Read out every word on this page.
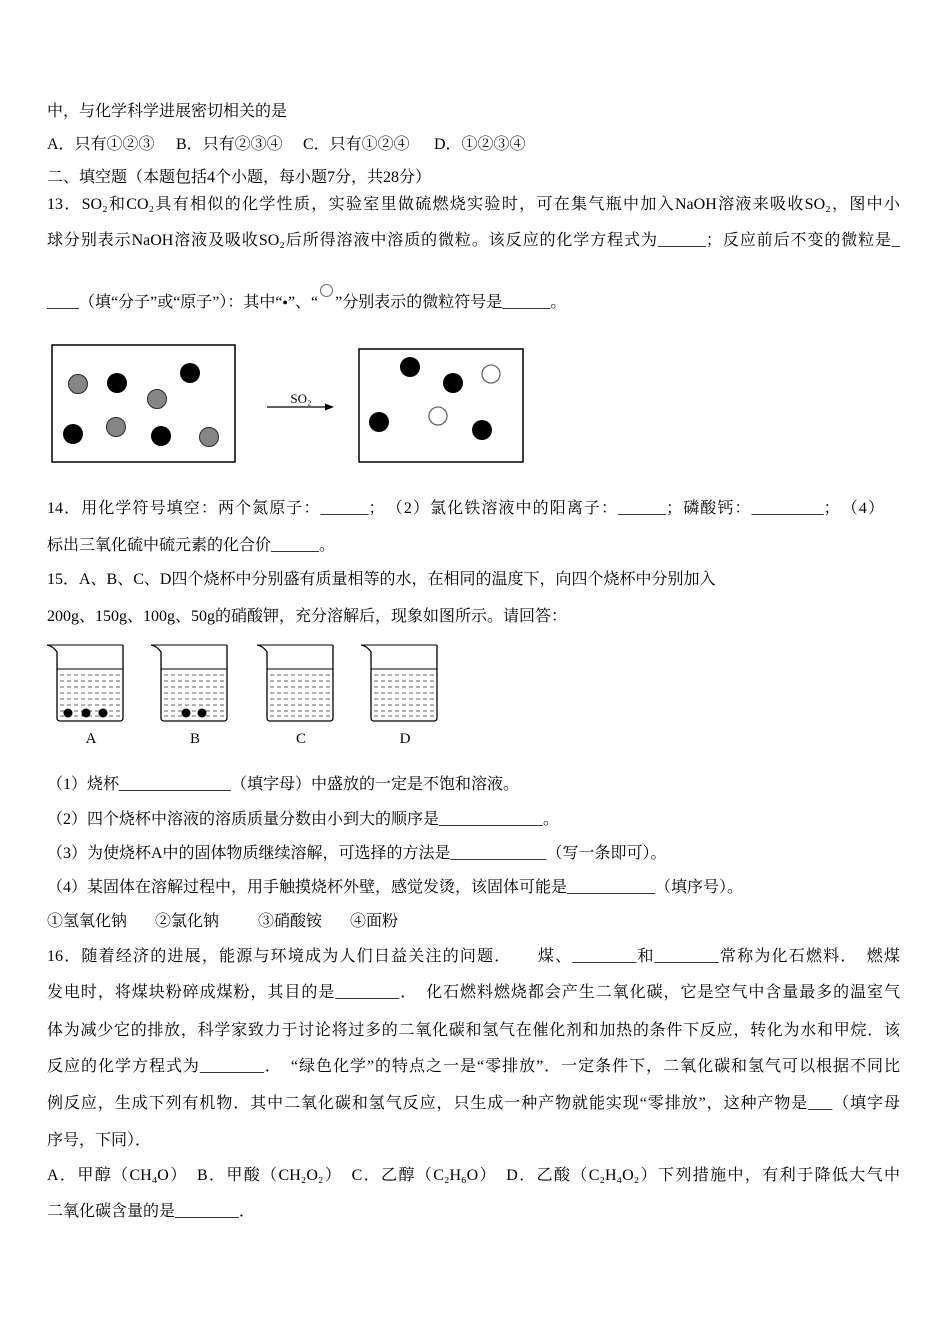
中，与化学科学进展密切相关的是
A．只有①②③ B．只有②③④ C．只有①②④ D．①②③④
二、填空题（本题包括4个小题，每小题7分，共28分）
13．SO₂和CO₂具有相似的化学性质，实验室里做硫燃烧实验时，可在集气瓶中加入NaOH溶液来吸收SO₂，图中小
球分别表示NaOH溶液及吸收SO₂后所得溶液中溶质的微粒。该反应的化学方程式为______；反应前后不变的微粒是_
____（填“分子”或“原子”）：其中“●”、“ ”分别表示的微粒符号是______。
SO₂
14．用化学符号填空：两个氮原子：______；　（2）氯化铁溶液中的阳离子：______；磷酸钙：_________；　（4）
标出三氧化硫中硫元素的化合价______。
15．A、B、C、D四个烧杯中分别盛有质量相等的水，在相同的温度下，向四个烧杯中分别加入
200g、150g、100g、50g的硝酸钾，充分溶解后，现象如图所示。请回答：
A	B	C	D
（1）烧杯______________（填字母）中盛放的一定是不饱和溶液。
（2）四个烧杯中溶液的溶质质量分数由小到大的顺序是_____________。
（3）为使烧杯A中的固体物质继续溶解，可选择的方法是____________（写一条即可）。
（4）某固体在溶解过程中，用手触摸烧杯外壁，感觉发烫，该固体可能是___________（填序号）。
①氢氧化钠 ②氯化钠 ③硝酸铵 ④面粉
16．随着经济的进展，能源与环境成为人们日益关注的问题．　　煤、________和________常称为化石燃料．　燃煤
发电时，将煤块粉碎成煤粉，其目的是________．　化石燃料燃烧都会产生二氧化碳，它是空气中含量最多的温室气
体为减少它的排放，科学家致力于讨论将过多的二氧化碳和氢气在催化剂和加热的条件下反应，转化为水和甲烷．该
反应的化学方程式为________．　“绿色化学”的特点之一是“零排放”．一定条件下，二氧化碳和氢气可以根据不同比
例反应，生成下列有机物．其中二氧化碳和氢气反应，只生成一种产物就能实现“零排放”，这种产物是___（填字母
序号，下同）．
A．甲醇（CH₄O）　B．甲酸（CH₂O₂）　C．乙醇（C₂H₆O）　D．乙酸（C₂H₄O₂）下列措施中，有利于降低大气中
二氧化碳含量的是________．
